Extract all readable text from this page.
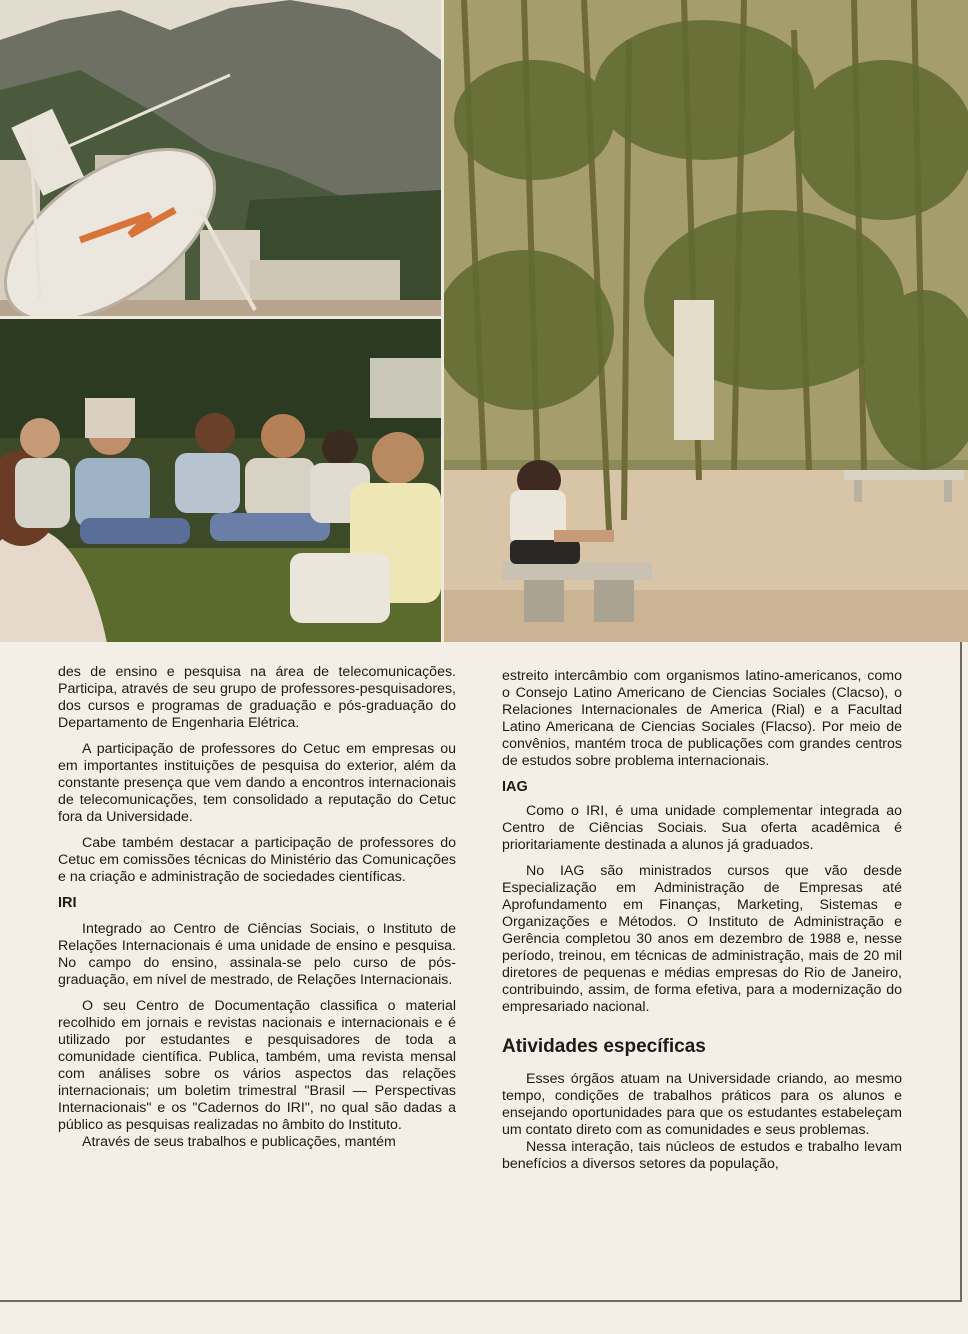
des de ensino e pesquisa na área de telecomunicações. Participa, através de seu grupo de professores-pesquisadores, dos cursos e programas de graduação e pós-graduação do Departamento de Engenharia Elétrica.

A participação de professores do Cetuc em empresas ou em importantes instituições de pesquisa do exterior, além da constante presença que vem dando a encontros internacionais de telecomunicações, tem consolidado a reputação do Cetuc fora da Universidade.

Cabe também destacar a participação de professores do Cetuc em comissões técnicas do Ministério das Comunicações e na criação e administração de sociedades científicas.

IRI

Integrado ao Centro de Ciências Sociais, o Instituto de Relações Internacionais é uma unidade de ensino e pesquisa. No campo do ensino, assinala-se pelo curso de pós-graduação, em nível de mestrado, de Relações Internacionais.

O seu Centro de Documentação classifica o material recolhido em jornais e revistas nacionais e internacionais e é utilizado por estudantes e pesquisadores de toda a comunidade científica. Publica, também, uma revista mensal com análises sobre os vários aspectos das relações internacionais; um boletim trimestral "Brasil — Perspectivas Internacionais" e os "Cadernos do IRI", no qual são dadas a público as pesquisas realizadas no âmbito do Instituto.

Através de seus trabalhos e publicações, mantém

estreito intercâmbio com organismos latino-americanos, como o Consejo Latino Americano de Ciencias Sociales (Clacso), o Relaciones Internacionales de America (Rial) e a Facultad Latino Americana de Ciencias Sociales (Flacso). Por meio de convênios, mantém troca de publicações com grandes centros de estudos sobre problema internacionais.

IAG

Como o IRI, é uma unidade complementar integrada ao Centro de Ciências Sociais. Sua oferta acadêmica é prioritariamente destinada a alunos já graduados.

No IAG são ministrados cursos que vão desde Especialização em Administração de Empresas até Aprofundamento em Finanças, Marketing, Sistemas e Organizações e Métodos. O Instituto de Administração e Gerência completou 30 anos em dezembro de 1988 e, nesse período, treinou, em técnicas de administração, mais de 20 mil diretores de pequenas e médias empresas do Rio de Janeiro, contribuindo, assim, de forma efetiva, para a modernização do empresariado nacional.

Atividades específicas

Esses órgãos atuam na Universidade criando, ao mesmo tempo, condições de trabalhos práticos para os alunos e ensejando oportunidades para que os estudantes estabeleçam um contato direto com as comunidades e seus problemas.

Nessa interação, tais núcleos de estudos e trabalho levam benefícios a diversos setores da população,
